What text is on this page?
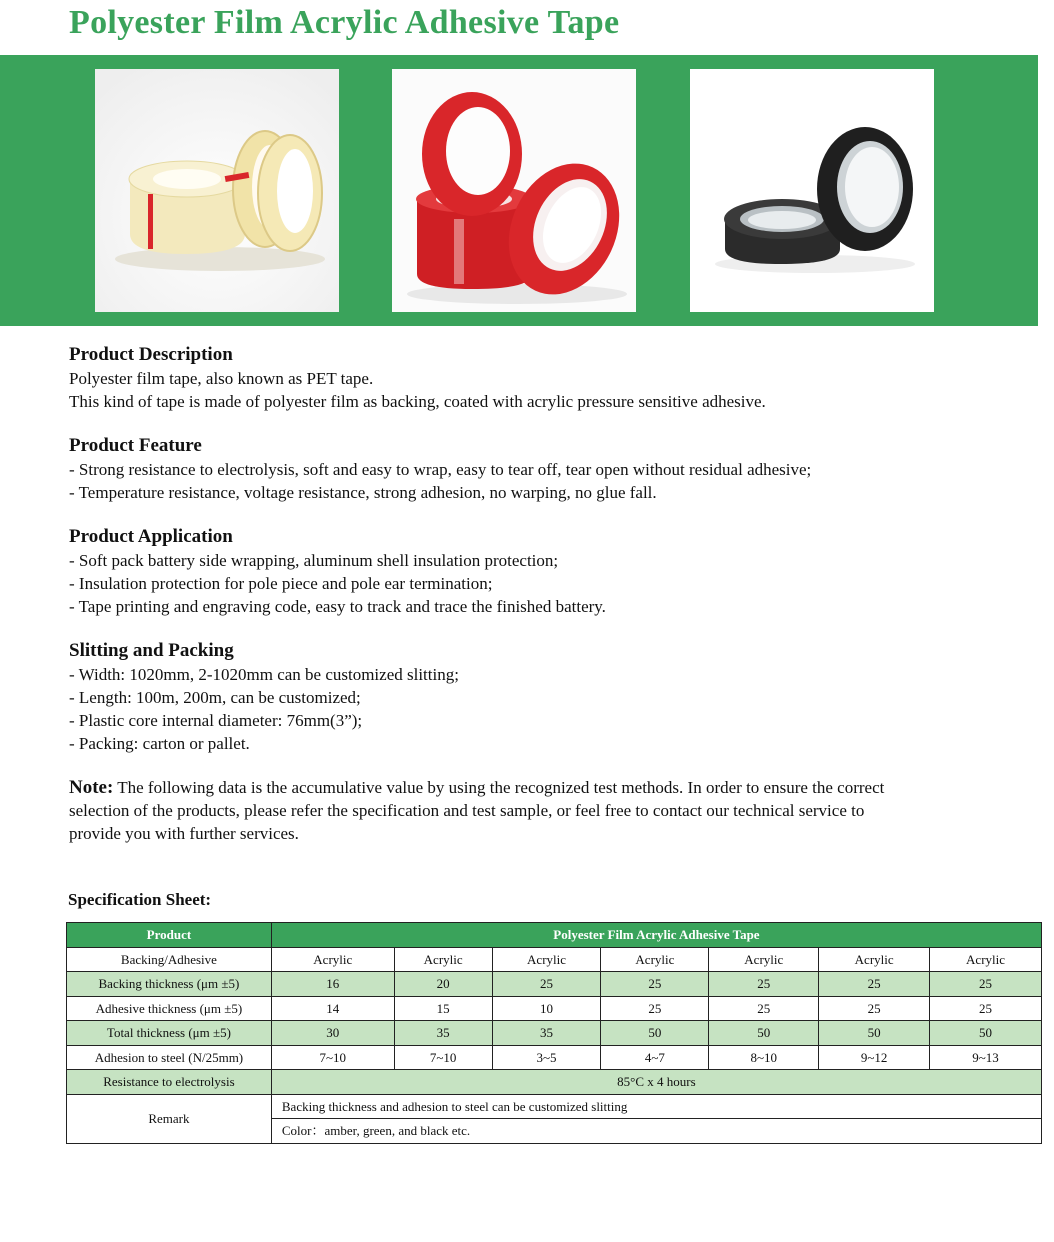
Polyester Film Acrylic Adhesive Tape
Product Description

Polyester film tape, also known as PET tape.

This kind of tape is made of polyester film as backing, coated with acrylic pressure sensitive adhesive.

Product Feature
- Strong resistance to electrolysis, soft and easy to wrap, easy to tear off, tear open without residual adhesive;
- Temperature resistance, voltage resistance, strong adhesion, no warping, no glue fall.
Product Application
- Soft pack battery side wrapping, aluminum shell insulation protection;
- Insulation protection for pole piece and pole ear termination;
- Tape printing and engraving code, easy to track and trace the finished battery.
Slitting and Packing
- Width: 1020mm, 2-1020mm can be customized slitting;
- Length: 100m, 200m, can be customized;
- Plastic core internal diameter: 76mm(3”);
- Packing: carton or pallet.

Note: The following data is the accumulative value by using the recognized test methods. In order to ensure the correct selection of the products, please refer the specification and test sample, or feel free to contact our technical service to provide you with further services.

Specification Sheet:
Product	Polyester Film Acrylic Adhesive Tape						
Backing/Adhesive	Acrylic	Acrylic	Acrylic	Acrylic	Acrylic	Acrylic	Acrylic
Backing thickness (μm ±5)	16	20	25	25	25	25	25
Adhesive thickness (μm ±5)	14	15	10	25	25	25	25
Total thickness (μm ±5)	30	35	35	50	50	50	50
Adhesion to steel (N/25mm)	7~10	7~10	3~5	4~7	8~10	9~12	9~13
Resistance to electrolysis	85°C x 4 hours						
Remark	Backing thickness and adhesion to steel can be customized slitting						
	Color：amber, green, and black etc.						
